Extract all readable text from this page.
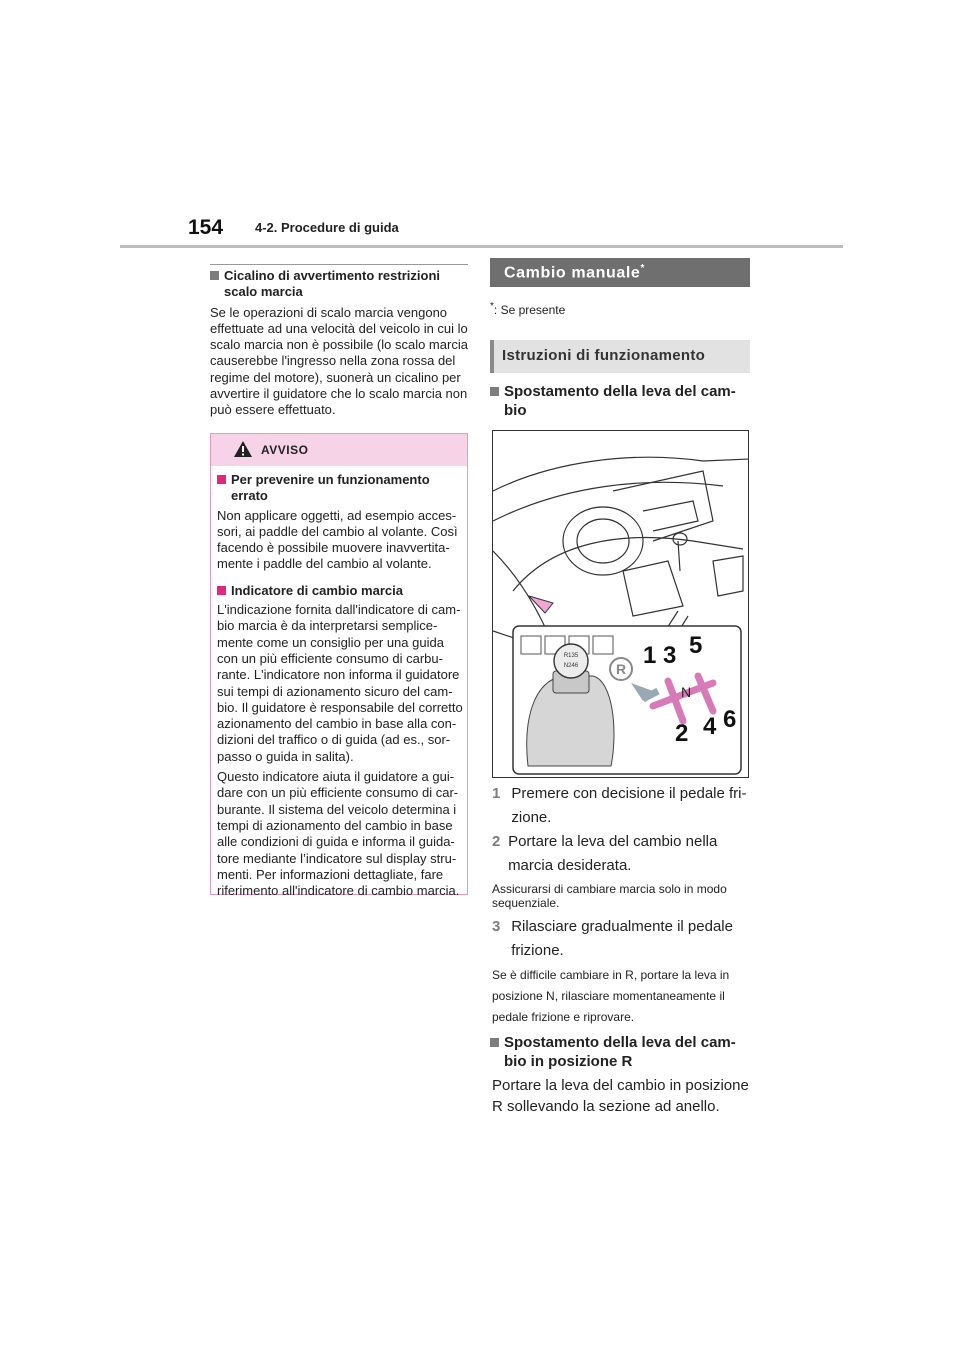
154 4-2. Procedure di guida
Cicalino di avvertimento restrizioni scalo marcia

Se le operazioni di scalo marcia vengono effettuate ad una velocità del veicolo in cui lo scalo marcia non è possibile (lo scalo marcia causerebbe l'ingresso nella zona rossa del regime del motore), suonerà un cicalino per avvertire il guidatore che lo scalo marcia non può essere effettuato.

AVVISO
Per prevenire un funzionamento errato

Non applicare oggetti, ad esempio acces-sori, ai paddle del cambio al volante. Così facendo è possibile muovere inavvertita-mente i paddle del cambio al volante.

Indicatore di cambio marcia

L'indicazione fornita dall'indicatore di cam-bio marcia è da interpretarsi semplice-mente come un consiglio per una guida con un più efficiente consumo di carbu-rante. L'indicatore non informa il guidatore sui tempi di azionamento sicuro del cam-bio. Il guidatore è responsabile del corretto azionamento del cambio in base alla con-dizioni del traffico o di guida (ad es., sor-passo o guida in salita).

Questo indicatore aiuta il guidatore a gui-dare con un più efficiente consumo di car-burante. Il sistema del veicolo determina i tempi di azionamento del cambio in base alle condizioni di guida e informa il guida-tore mediante l’indicatore sul display stru-menti. Per informazioni dettagliate, fare riferimento all'indicatore di cambio marcia.

Cambio manuale*
*: Se presente
Istruzioni di funzionamento
Spostamento della leva del cam-bio
R135
N246	R
N
1 3 5
2 4 6
1 Premere con decisione il pedale fri-zione.
2 Portare la leva del cambio nella marcia desiderata.

Assicurarsi di cambiare marcia solo in modo sequenziale.

3 Rilasciare gradualmente il pedale frizione.

Se è difficile cambiare in R, portare la leva in posizione N, rilasciare momentaneamente il pedale frizione e riprovare.

Spostamento della leva del cam-bio in posizione R

Portare la leva del cambio in posizione R sollevando la sezione ad anello.
